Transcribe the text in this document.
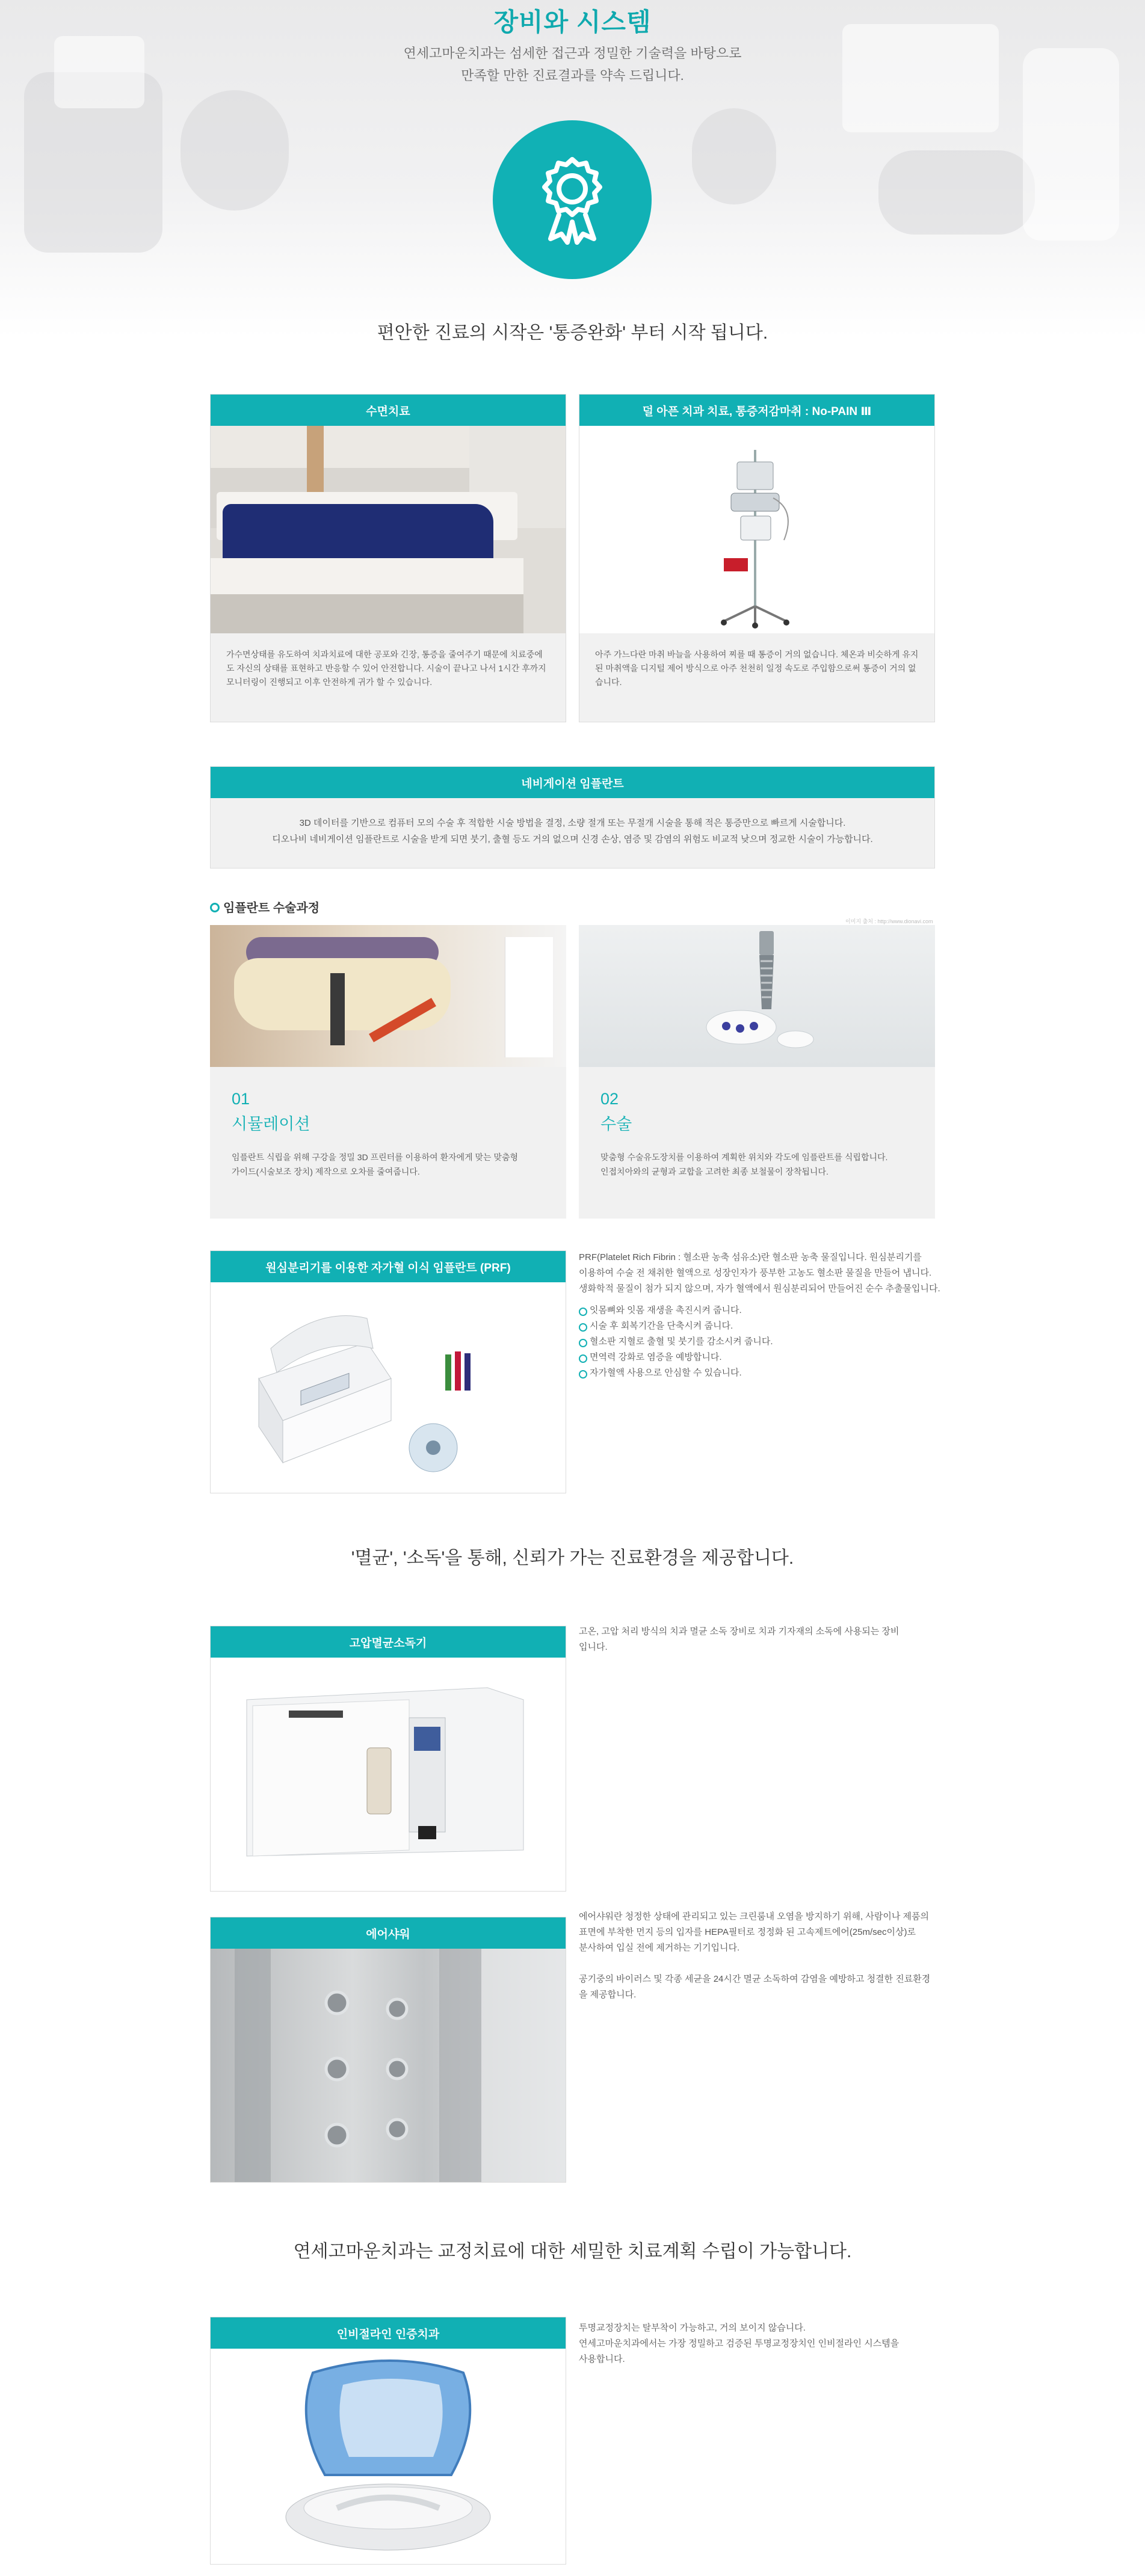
장비와 시스템
연세고마운치과는 섬세한 접근과 정밀한 기술력을 바탕으로
만족할 만한 진료결과를 약속 드립니다.
편안한 진료의 시작은 '통증완화' 부터 시작 됩니다.
수면치료
가수면상태를 유도하여 치과치료에 대한 공포와 긴장, 통증을 줄여주기 때문에 치료중에도 자신의 상태를 표현하고 반응할 수 있어 안전합니다. 시술이 끝나고 나서 1시간 후까지 모니터링이 진행되고 이후 안전하게 귀가 할 수 있습니다.
덜 아픈 치과 치료, 통증저감마취 : No-PAIN Ⅲ
아주 가느다란 마취 바늘을 사용하여 찌를 때 통증이 거의 없습니다. 체온과 비슷하게 유지된 마취액을 디지털 제어 방식으로 아주 천천히 일정 속도로 주입함으로써 통증이 거의 없습니다.
네비게이션 임플란트
3D 데이터를 기반으로 컴퓨터 모의 수술 후 적합한 시술 방법을 결정, 소량 절개 또는 무절개 시술을 통해 적은 통증만으로 빠르게 시술합니다.
디오나비 네비게이션 임플란트로 시술을 받게 되면 붓기, 출혈 등도 거의 없으며 신경 손상, 염증 및 감염의 위험도 비교적 낮으며 정교한 시술이 가능합니다.
임플란트 수술과정
이미지 출처 : http://www.dionavi.com
01
시뮬레이션
임플란트 식립을 위해 구강을 정밀 3D 프린터를 이용하여 환자에게 맞는 맞춤형
가이드(시술보조 장치) 제작으로 오차를 줄여줍니다.
02
수술
맞춤형 수술유도장치를 이용하여 계획한 위치와 각도에 임플란트를 식립합니다.
인접치아와의 균형과 교합을 고려한 최종 보철물이 장착됩니다.
원심분리기를 이용한 자가혈 이식 임플란트 (PRF)
PRF(Platelet Rich Fibrin : 혈소판 농축 섬유소)란 혈소판 농축 물질입니다. 원심분리기를
이용하여 수술 전 채취한 혈액으로 성장인자가 풍부한 고농도 혈소판 물질을 만들어 냅니다.
생화학적 물질이 첨가 되지 않으며, 자가 혈액에서 원심분리되어 만들어진 순수 추출물입니다.
잇몸뼈와 잇몸 재생을 촉진시켜 줍니다.
시술 후 회복기간을 단축시켜 줍니다.
혈소판 지혈로 출혈 및 붓기를 감소시켜 줍니다.
면역력 강화로 염증을 예방합니다.
자가혈액 사용으로 안심할 수 있습니다.
'멸균', '소독'을 통해, 신뢰가 가는 진료환경을 제공합니다.
고압멸균소독기
고온, 고압 처리 방식의 치과 멸균 소독 장비로 치과 기자재의 소독에 사용되는 장비
입니다.
에어샤워
에어샤워란 청정한 상태에 관리되고 있는 크린룸내 오염을 방지하기 위해, 사람이나 제품의
표면에 부착한 먼지 등의 입자를 HEPA필터로 정정화 된 고속제트에어(25m/sec이상)로
분사하여 입실 전에 제거하는 기기입니다.
공기중의 바이러스 및 각종 세균을 24시간 멸균 소독하여 감염을 예방하고 청결한 진료환경
을 제공합니다.
연세고마운치과는 교정치료에 대한 세밀한 치료계획 수립이 가능합니다.
인비절라인 인증치과	투명교정장치는 탈부착이 가능하고, 거의 보이지 않습니다.
연세고마운치과에서는 가장 정밀하고 검증된 투명교정장치인 인비절라인 시스템을
사용합니다.
